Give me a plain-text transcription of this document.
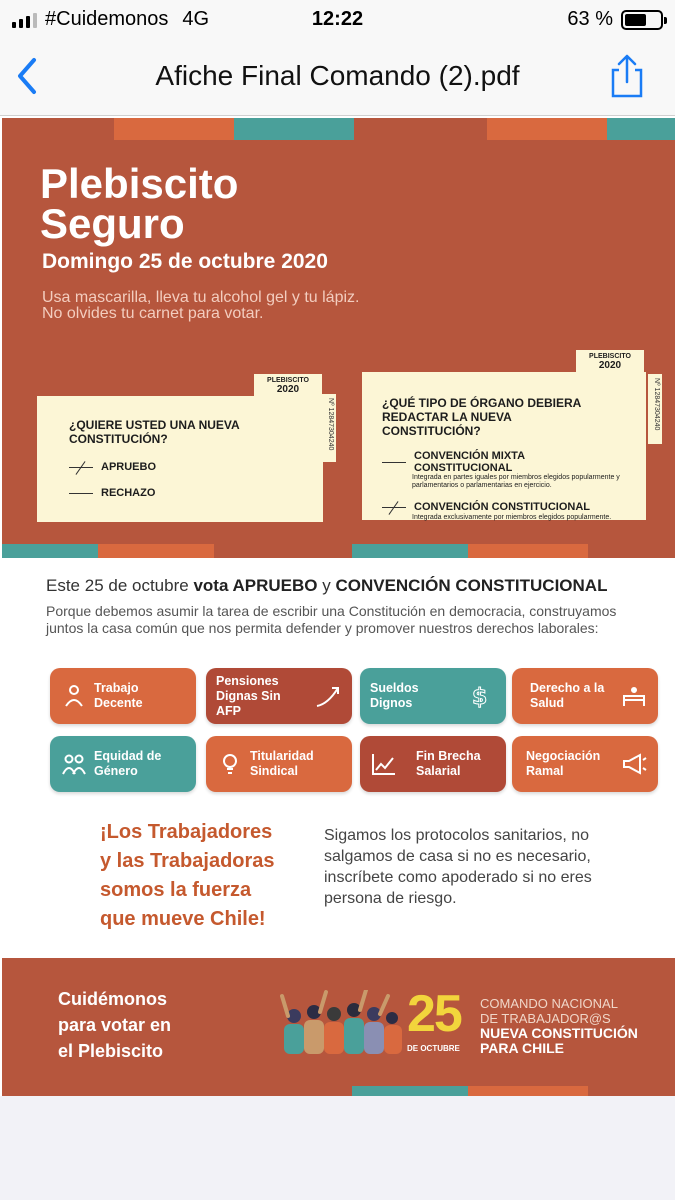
#Cuidemonos 4G	12:22	63 %
Afiche Final Comando (2).pdf
Plebiscito
Seguro
Domingo 25 de octubre 2020
Usa mascarilla, lleva tu alcohol gel y tu lápiz. No olvides tu carnet para votar.
PLEBISCITO
2020
Nº 12847304240
¿QUIERE USTED UNA NUEVA CONSTITUCIÓN?
APRUEBO
RECHAZO
PLEBISCITO
2020
Nº 12847304240
¿QUÉ TIPO DE ÓRGANO DEBIERA REDACTAR LA NUEVA CONSTITUCIÓN?
CONVENCIÓN MIXTA CONSTITUCIONAL
Integrada en partes iguales por miembros elegidos popularmente y parlamentarios o parlamentarias en ejercicio.
CONVENCIÓN CONSTITUCIONAL
Integrada exclusivamente por miembros elegidos popularmente.
Este 25 de octubre vota APRUEBO y CONVENCIÓN CONSTITUCIONAL
Porque debemos asumir la tarea de escribir una Constitución en democracia, construyamos juntos la casa común que nos permita defender y promover nuestros derechos laborales:
Trabajo Decente
Pensiones Dignas Sin AFP
Sueldos Dignos	$	Derecho a la Salud
Equidad de Género
Titularidad Sindical
Fin Brecha Salarial
Negociación Ramal
¡Los Trabajadores
y las Trabajadoras
somos la fuerza
que mueve Chile!
Sigamos los protocolos sanitarios, no salgamos de casa si no es necesario, inscríbete como apoderado si no eres persona de riesgo.
Cuidémonos
para votar en
el Plebiscito
25
DE OCTUBRE
COMANDO NACIONAL
DE TRABAJADOR@S
NUEVA CONSTITUCIÓN
PARA CHILE
